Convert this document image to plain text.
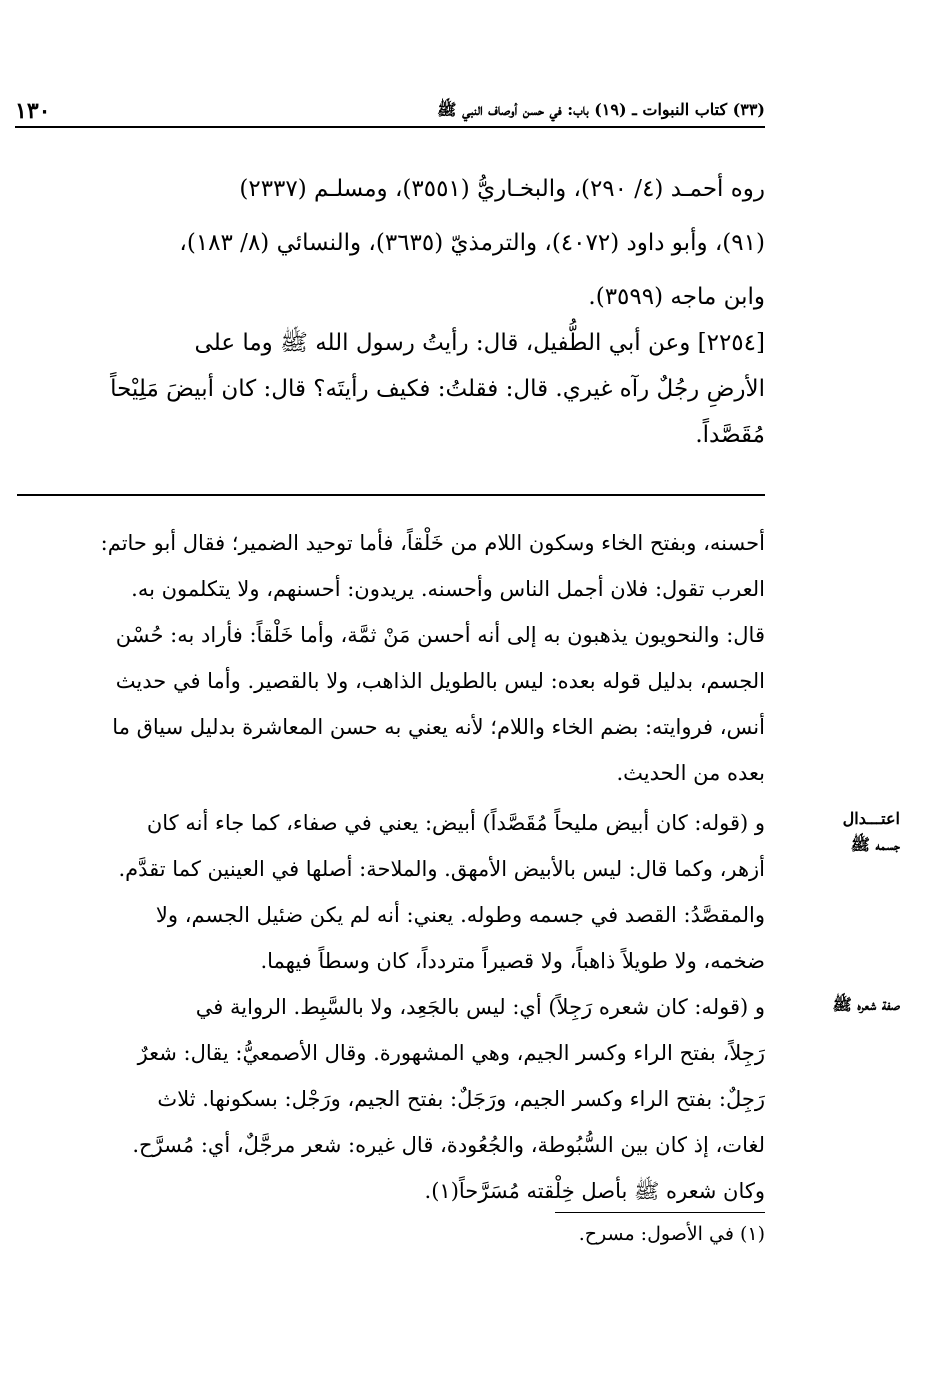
١٣٠	(٣٣) كتاب النبوات ـ (١٩) باب: في حسن أوصاف النبي ﷺ
روه أحمـد (٤/ ٢٩٠)، والبخـاريُّ (٣٥٥١)، ومسلـم (٢٣٣٧)
(٩١)، وأبو داود (٤٠٧٢)، والترمذيّ (٣٦٣٥)، والنسائي (٨/ ١٨٣)،
وابن ماجه (٣٥٩٩).
[٢٢٥٤] وعن أبي الطُّفيل، قال: رأيتُ رسول الله ﷺ وما على
الأرضِ رجُلٌ رآه غيري. قال: فقلتُ: فكيف رأيتَه؟ قال: كان أبيضَ مَلِيْحاً
مُقَصَّداً.
أحسنه، وبفتح الخاء وسكون اللام من خَلْقاً، فأما توحيد الضمير؛ فقال أبو حاتم:
العرب تقول: فلان أجمل الناس وأحسنه. يريدون: أحسنهم، ولا يتكلمون به.
قال: والنحويون يذهبون به إلى أنه أحسن مَنْ ثمَّة، وأما خَلْقاً: فأراد به: حُسْن
الجسم، بدليل قوله بعده: ليس بالطويل الذاهب، ولا بالقصير. وأما في حديث
أنس، فروايته: بضم الخاء واللام؛ لأنه يعني به حسن المعاشرة بدليل سياق ما
بعده من الحديث.
و (قوله: كان أبيض مليحاً مُقَصَّداً) أبيض: يعني في صفاء، كما جاء أنه كان
أزهر، وكما قال: ليس بالأبيض الأمهق. والملاحة: أصلها في العينين كما تقدَّم.
والمقصَّدُ: القصد في جسمه وطوله. يعني: أنه لم يكن ضئيل الجسم، ولا
ضخمه، ولا طويلاً ذاهباً، ولا قصيراً متردداً، كان وسطاً فيهما.
و (قوله: كان شعره رَجِلاً) أي: ليس بالجَعِد، ولا بالسَّبِط. الرواية في
رَجِلاً، بفتح الراء وكسر الجيم، وهي المشهورة. وقال الأصمعيُّ: يقال: شعرٌ
رَجِلٌ: بفتح الراء وكسر الجيم، ورَجَلٌ: بفتح الجيم، ورَجْل: بسكونها. ثلاث
لغات، إذ كان بين السُّبُوطة، والجُعُودة، قال غيره: شعر مرجَّلٌ، أي: مُسرَّح.
وكان شعره ﷺ بأصل خِلْقته مُسَرَّحاً(١).
اعتـــدال
جسمه ﷺ
صفة شعره ﷺ
(١) في الأصول: مسرح.
